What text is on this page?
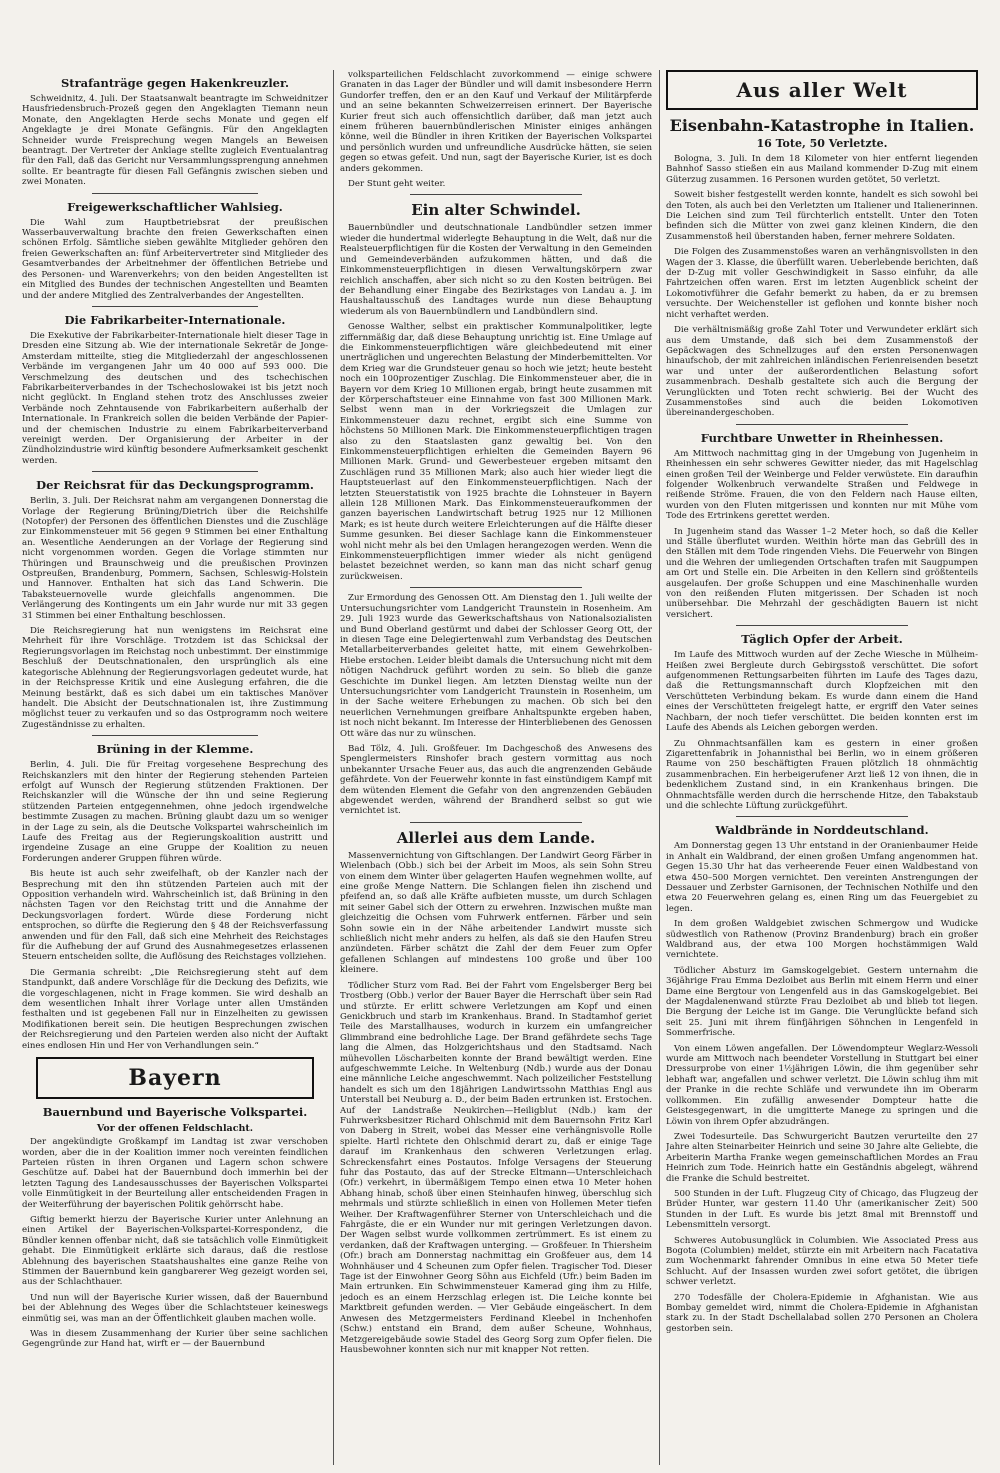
Strafanträge gegen Hakenkreuzler.

Schweidnitz, 4. Juli. Der Staatsanwalt beantragte im Schweidnitzer Hausfriedensbruch-Prozeß gegen den Angeklagten Tiemann neun Monate, den Angeklagten Herde sechs Monate und gegen elf Angeklagte je drei Monate Gefängnis. Für den Angeklagten Schneider wurde Freisprechung wegen Mangels an Beweisen beantragt. Der Vertreter der Anklage stellte zugleich Eventualantrag für den Fall, daß das Gericht nur Versammlungssprengung annehmen sollte. Er beantragte für diesen Fall Gefängnis zwischen sieben und zwei Monaten.

Freigewerkschaftlicher Wahlsieg.

Die Wahl zum Hauptbetriebsrat der preußischen Wasserbauverwaltung brachte den freien Gewerkschaften einen schönen Erfolg. Sämtliche sieben gewählte Mitglieder gehören den freien Gewerkschaften an: fünf Arbeitervertreter sind Mitglieder des Gesamtverbandes der Arbeitnehmer der öffentlichen Betriebe und des Personen- und Warenverkehrs; von den beiden Angestellten ist ein Mitglied des Bundes der technischen Angestellten und Beamten und der andere Mitglied des Zentralverbandes der Angestellten.

Die Fabrikarbeiter-Internationale.

Die Exekutive der Fabrikarbeiter-Internationale hielt dieser Tage in Dresden eine Sitzung ab. Wie der internationale Sekretär de Jonge-Amsterdam mitteilte, stieg die Mitgliederzahl der angeschlossenen Verbände im vergangenen Jahr um 40 000 auf 593 000. Die Verschmelzung des deutschen und des tschechischen Fabrikarbeiterverbandes in der Tschechoslowakei ist bis jetzt noch nicht geglückt. In England stehen trotz des Anschlusses zweier Verbände noch Zehntausende von Fabrikarbeitern außerhalb der Internationale. In Frankreich sollen die beiden Verbände der Papier- und der chemischen Industrie zu einem Fabrikarbeiterverband vereinigt werden. Der Organisierung der Arbeiter in der Zündholzindustrie wird künftig besondere Aufmerksamkeit geschenkt werden.

Der Reichsrat für das Deckungsprogramm.

Berlin, 3. Juli. Der Reichsrat nahm am vergangenen Donnerstag die Vorlage der Regierung Brüning/Dietrich über die Reichshilfe (Notopfer) der Personen des öffentlichen Dienstes und die Zuschläge zur Einkommensteuer mit 56 gegen 9 Stimmen bei einer Enthaltung an. Wesentliche Aenderungen an der Vorlage der Regierung sind nicht vorgenommen worden. Gegen die Vorlage stimmten nur Thüringen und Braunschweig und die preußischen Provinzen Ostpreußen, Brandenburg, Pommern, Sachsen, Schleswig-Holstein und Hannover. Enthalten hat sich das Land Schwerin. Die Tabaksteuernovelle wurde gleichfalls angenommen. Die Verlängerung des Kontingents um ein Jahr wurde nur mit 33 gegen 31 Stimmen bei einer Enthaltung beschlossen.

Die Reichsregierung hat nun wenigstens im Reichsrat eine Mehrheit für ihre Vorschläge. Trotzdem ist das Schicksal der Regierungsvorlagen im Reichstag noch unbestimmt. Der einstimmige Beschluß der Deutschnationalen, den ursprünglich als eine kategorische Ablehnung der Regierungsvorlagen gedeutet wurde, hat in der Reichspresse Kritik und eine Auslegung erfahren, die die Meinung bestärkt, daß es sich dabei um ein taktisches Manöver handelt. Die Absicht der Deutschnationalen ist, ihre Zustimmung möglichst teuer zu verkaufen und so das Ostprogramm noch weitere Zugeständnisse zu erhalten.

Brüning in der Klemme.

Berlin, 4. Juli. Die für Freitag vorgesehene Besprechung des Reichskanzlers mit den hinter der Regierung stehenden Parteien erfolgt auf Wunsch der Regierung stützenden Fraktionen. Der Reichskanzler will die Wünsche der ihn und seine Regierung stützenden Parteien entgegennehmen, ohne jedoch irgendwelche bestimmte Zusagen zu machen. Brüning glaubt dazu um so weniger in der Lage zu sein, als die Deutsche Volkspartei wahrscheinlich im Laufe des Freitag aus der Regierungskoalition austritt und irgendeine Zusage an eine Gruppe der Koalition zu neuen Forderungen anderer Gruppen führen würde.

Bis heute ist auch sehr zweifelhaft, ob der Kanzler nach der Besprechung mit den ihn stützenden Parteien auch mit der Opposition verhandeln wird. Wahrscheinlich ist, daß Brüning in den nächsten Tagen vor den Reichstag tritt und die Annahme der Deckungsvorlagen fordert. Würde diese Forderung nicht entsprochen, so dürfte die Regierung den § 48 der Reichsverfassung anwenden und für den Fall, daß sich eine Mehrheit des Reichstages für die Aufhebung der auf Grund des Ausnahmegesetzes erlassenen Steuern entscheiden sollte, die Auflösung des Reichstages vollziehen.

Die Germania schreibt: „Die Reichsregierung steht auf dem Standpunkt, daß andere Vorschläge für die Deckung des Defizits, wie die vorgeschlagenen, nicht in Frage kommen. Sie wird deshalb an dem wesentlichen Inhalt ihrer Vorlage unter allen Umständen festhalten und ist gegebenen Fall nur in Einzelheiten zu gewissen Modifikationen bereit sein. Die heutigen Besprechungen zwischen der Reichsregierung und den Parteien werden also nicht der Auftakt eines endlosen Hin und Her von Verhandlungen sein.“

Bayern
Bauernbund und Bayerische Volkspartei.
Vor der offenen Feldschlacht.

Der angekündigte Großkampf im Landtag ist zwar verschoben worden, aber die in der Koalition immer noch vereinten feindlichen Parteien rüsten in ihren Organen und Lagern schon schwere Geschütze auf. Dabei hat der Bauernbund doch immerhin bei der letzten Tagung des Landesausschusses der Bayerischen Volkspartei volle Einmütigkeit in der Beurteilung aller entscheidenden Fragen in der Weiterführung der bayerischen Politik gehörrscht habe.

Giftig bemerkt hierzu der Bayerische Kurier unter Anlehnung an einen Artikel der Bayerischen-Volkspartei-Korrespondenz, die Bündler kennen offenbar nicht, daß sie tatsächlich volle Einmütigkeit gehabt. Die Einmütigkeit erklärte sich daraus, daß die restlose Ablehnung des bayerischen Staatshaushaltes eine ganze Reihe von Stimmen der Bauernbund kein gangbarerer Weg gezeigt worden sei, aus der Schlachthauer.

Und nun will der Bayerische Kurier wissen, daß der Bauernbund bei der Ablehnung des Weges über die Schlachtsteuer keineswegs einmütig sei, was man an der Öffentlichkeit glauben machen wolle.

Was in diesem Zusammenhang der Kurier über seine sachlichen Gegengründe zur Hand hat, wirft er — der Bauernbund

volksparteilichen Feldschlacht zuvorkommend — einige schwere Granaten in das Lager der Bündler und will damit insbesondere Herrn Gundorfer treffen, den er an den Kauf und Verkauf der Militärpferde und an seine bekannten Schweizerreisen erinnert. Der Bayerische Kurier freut sich auch offensichtlich darüber, daß man jetzt auch einem früheren bauernbündlerischen Minister einiges anhängen könne, weil die Bündler in ihren Kritiken der Bayerischen Volkspartei und persönlich wurden und unfreundliche Ausdrücke hätten, sie seien gegen so etwas gefeit. Und nun, sagt der Bayerische Kurier, ist es doch anders gekommen.

Der Stunt geht weiter.

Ein alter Schwindel.

Bauernbündler und deutschnationale Landbündler setzen immer wieder die hundertmal widerlegte Behauptung in die Welt, daß nur die Realsteuerpflichtigen für die Kosten der Verwaltung in den Gemeinden und Gemeindeverbänden aufzukommen hätten, und daß die Einkommensteuerpflichtigen in diesen Verwaltungskörpern zwar reichlich anschaffen, aber sich nicht so zu den Kosten beitrügen. Bei der Behandlung einer Eingabe des Bezirkstages von Landau a. J. im Haushaltausschuß des Landtages wurde nun diese Behauptung wiederum als von Bauernbündlern und Landbündlern sind.

Genosse Walther, selbst ein praktischer Kommunalpolitiker, legte ziffernmäßig dar, daß diese Behauptung unrichtig ist. Eine Umlage auf die Einkommensteuerpflichtigen wäre gleichbedeutend mit einer unerträglichen und ungerechten Belastung der Minderbemittelten. Vor dem Krieg war die Grundsteuer genau so hoch wie jetzt; heute besteht noch ein 100prozentiger Zuschlag. Die Einkommensteuer aber, die in Bayern vor dem Krieg 10 Millionen ergab, bringt heute zusammen mit der Körperschaftsteuer eine Einnahme von fast 300 Millionen Mark. Selbst wenn man in der Vorkriegszeit die Umlagen zur Einkommensteuer dazu rechnet, ergibt sich eine Summe von höchstens 50 Millionen Mark. Die Einkommensteuerpflichtigen tragen also zu den Staatslasten ganz gewaltig bei. Von den Einkommensteuerpflichtigen erhielten die Gemeinden Bayern 96 Millionen Mark. Grund- und Gewerbesteuer ergeben mitsamt den Zuschlägen rund 35 Millionen Mark; also auch hier wieder liegt die Hauptsteuerlast auf den Einkommensteuerpflichtigen. Nach der letzten Steuerstatistik von 1925 brachte die Lohnsteuer in Bayern allein 128 Millionen Mark. Das Einkommensteueraufkommen der ganzen bayerischen Landwirtschaft betrug 1925 nur 12 Millionen Mark; es ist heute durch weitere Erleichterungen auf die Hälfte dieser Summe gesunken. Bei dieser Sachlage kann die Einkommensteuer wohl nicht mehr als bei den Umlagen herangezogen werden. Wenn die Einkommensteuerpflichtigen immer wieder als nicht genügend belastet bezeichnet werden, so kann man das nicht scharf genug zurückweisen.

Zur Ermordung des Genossen Ott. Am Dienstag den 1. Juli weilte der Untersuchungsrichter vom Landgericht Traunstein in Rosenheim. Am 29. Juli 1923 wurde das Gewerkschaftshaus von Nationalsozialisten und Bund Oberland gestürmt und dabei der Schlosser Georg Ott, der in diesen Tage eine Delegiertenwahl zum Verbandstag des Deutschen Metallarbeiterverbandes geleitet hatte, mit einem Gewehrkolben-Hiebe erstochen. Leider bleibt damals die Untersuchung nicht mit dem nötigen Nachdruck geführt worden zu sein. So blieb die ganze Geschichte im Dunkel liegen. Am letzten Dienstag weilte nun der Untersuchungsrichter vom Landgericht Traunstein in Rosenheim, um in der Sache weitere Erhebungen zu machen. Ob sich bei den neuerlichen Vernehmungen greifbare Anhaltspunkte ergeben haben, ist noch nicht bekannt. Im Interesse der Hinterbliebenen des Genossen Ott wäre das nur zu wünschen.

Bad Tölz, 4. Juli. Großfeuer. Im Dachgeschoß des Anwesens des Spenglermeisters Rinshofer brach gestern vormittag aus noch unbekannter Ursache Feuer aus, das auch die angrenzenden Gebäude gefährdete. Von der Feuerwehr konnte in fast einstündigem Kampf mit dem wütenden Element die Gefahr von den angrenzenden Gebäuden abgewendet werden, während der Brandherd selbst so gut wie vernichtet ist.

Allerlei aus dem Lande.

Massenvernichtung von Giftschlangen. Der Landwirt Georg Färber in Wielenbach (Obb.) sich bei der Arbeit im Moos, als sein Sohn Streu von einem dem Winter über gelagerten Haufen wegnehmen wollte, auf eine große Menge Nattern. Die Schlangen fielen ihn zischend und pfeifend an, so daß alle Kräfte aufbieten musste, um durch Schlagen mit seiner Gabel sich der Ottern zu erwehren. Inzwischen mußte man gleichzeitig die Ochsen vom Fuhrwerk entfernen. Färber und sein Sohn sowie ein in der Nähe arbeitender Landwirt musste sich schließlich nicht mehr anders zu helfen, als daß sie den Haufen Streu anzündeten. Färber schätzt die Zahl der dem Feuer zum Opfer gefallenen Schlangen auf mindestens 100 große und über 100 kleinere.

Tödlicher Sturz vom Rad. Bei der Fahrt vom Engelsberger Berg bei Trostberg (Obb.) verlor der Bauer Bayer die Herrschaft über sein Rad und stürzte. Er erlitt schwere Verletzungen am Kopf und einen Genickbruch und starb im Krankenhaus. Brand. In Stadtamhof geriet Teile des Marstallhauses, wodurch in kurzem ein umfangreicher Glimmbrand eine bedrohliche Lage. Der Brand gefährdete sechs Tage lang die Almen, das Holzgerichtshaus und den Stadtsamd. Nach mühevollen Löscharbeiten konnte der Brand bewältigt werden. Eine aufgeschwemmte Leiche. In Weltenburg (Ndb.) wurde aus der Donau eine männliche Leiche angeschwemmt. Nach polizeilicher Feststellung handelt es sich um den 18jährigen Landwirtssohn Matthias Engl aus Unterstall bei Neuburg a. D., der beim Baden ertrunken ist. Erstochen. Auf der Landstraße Neukirchen—Heiligblut (Ndb.) kam der Fuhrwerksbesitzer Richard Ohlschmid mit dem Bauernsohn Fritz Karl von Daberg in Streit, wobei das Messer eine verhängnisvolle Rolle spielte. Hartl richtete den Ohlschmid derart zu, daß er einige Tage darauf im Krankenhaus den schweren Verletzungen erlag. Schreckensfahrt eines Postautos. Infolge Versagens der Steuerung fuhr das Postauto, das auf der Strecke Eltmann—Unterschleichach (Ofr.) verkehrt, in übermäßigem Tempo einen etwa 10 Meter hohen Abhang hinab, schoß über einen Steinhaufen hinweg, überschlug sich mehrmals und stürzte schließlich in einen von Hollemen Meter tiefen Weiher. Der Kraftwagenführer Sterner von Unterschleichach und die Fahrgäste, die er ein Wunder nur mit geringen Verletzungen davon. Der Wagen selbst wurde vollkommen zertrümmert. Es ist einem zu verdanken, daß der Kraftwagen unterging. — Großfeuer. In Thiersheim (Ofr.) brach am Donnerstag nachmittag ein Großfeuer aus, dem 14 Wohnhäuser und 4 Scheunen zum Opfer fielen. Tragischer Tod. Dieser Tage ist der Einwohner Georg Söhn aus Eichfeld (Ufr.) beim Baden im Main ertrunken. Ein Schwimmensteuer Kamerad ging ihm zu Hilfe, jedoch es an einem Herzschlag erlegen ist. Die Leiche konnte bei Marktbreit gefunden werden. — Vier Gebäude eingeäschert. In dem Anwesen des Metzgermeisters Ferdinand Kleebel in Inchenhofen (Schw.) entstand ein Brand, dem außer Scheune, Wohnhaus, Metzgereigebäude sowie Stadel des Georg Sorg zum Opfer fielen. Die Hausbewohner konnten sich nur mit knapper Not retten.

Aus aller Welt
Eisenbahn-Katastrophe in Italien.
16 Tote, 50 Verletzte.

Bologna, 3. Juli. In dem 18 Kilometer von hier entfernt liegenden Bahnhof Sasso stießen ein aus Mailand kommender D-Zug mit einem Güterzug zusammen. 16 Personen wurden getötet, 50 verletzt.

Soweit bisher festgestellt werden konnte, handelt es sich sowohl bei den Toten, als auch bei den Verletzten um Italiener und Italienerinnen. Die Leichen sind zum Teil fürchterlich entstellt. Unter den Toten befinden sich die Mütter von zwei ganz kleinen Kindern, die den Zusammenstoß heil überstanden haben, ferner mehrere Soldaten.

Die Folgen des Zusammenstoßes waren an verhängnisvollsten in den Wagen der 3. Klasse, die überfüllt waren. Ueberlebende berichten, daß der D-Zug mit voller Geschwindigkeit in Sasso einfuhr, da alle Fahrtzeichen offen waren. Erst im letzten Augenblick scheint der Lokomotivführer die Gefahr bemerkt zu haben, da er zu bremsen versuchte. Der Weichensteller ist geflohen und konnte bisher noch nicht verhaftet werden.

Die verhältnismäßig große Zahl Toter und Verwundeter erklärt sich aus dem Umstande, daß sich bei dem Zusammenstoß der Gepäckwagen des Schnellzuges auf den ersten Personenwagen hinaufschob, der mit zahlreichen inländischen Ferienreisenden besetzt war und unter der außerordentlichen Belastung sofort zusammenbrach. Deshalb gestaltete sich auch die Bergung der Verunglückten und Toten recht schwierig. Bei der Wucht des Zusammenstoßes sind auch die beiden Lokomotiven übereinandergeschoben.

Furchtbare Unwetter in Rheinhessen.

Am Mittwoch nachmittag ging in der Umgebung von Jugenheim in Rheinhessen ein sehr schweres Gewitter nieder, das mit Hagelschlag einen großen Teil der Weinberge und Felder verwüstete. Ein daraufhin folgender Wolkenbruch verwandelte Straßen und Feldwege in reißende Ströme. Frauen, die von den Feldern nach Hause eilten, wurden von den Fluten mitgerissen und konnten nur mit Mühe vom Tode des Ertrinkens gerettet werden.

In Jugenheim stand das Wasser 1–2 Meter hoch, so daß die Keller und Ställe überflutet wurden. Weithin hörte man das Gebrüll des in den Ställen mit dem Tode ringenden Viehs. Die Feuerwehr von Bingen und die Wehren der umliegenden Ortschaften trafen mit Saugpumpen am Ort und Stelle ein. Die Arbeiten in den Kellern sind größtenteils ausgelaufen. Der große Schuppen und eine Maschinenhalle wurden von den reißenden Fluten mitgerissen. Der Schaden ist noch unübersehbar. Die Mehrzahl der geschädigten Bauern ist nicht versichert.

Täglich Opfer der Arbeit.

Im Laufe des Mittwoch wurden auf der Zeche Wiesche in Mülheim-Heißen zwei Bergleute durch Gebirgsstoß verschüttet. Die sofort aufgenommenen Rettungsarbeiten führten im Laufe des Tages dazu, daß die Rettungsmannschaft durch Klopfzeichen mit den Verschütteten Verbindung bekam. Es wurde dann einem die Hand eines der Verschütteten freigelegt hatte, er ergriff den Vater seines Nachbarn, der noch tiefer verschüttet. Die beiden konnten erst im Laufe des Abends als Leichen geborgen werden.

Zu Ohnmachtsanfällen kam es gestern in einer großen Zigarettenfabrik in Johannisthal bei Berlin, wo in einem größeren Raume von 250 beschäftigten Frauen plötzlich 18 ohnmächtig zusammenbrachen. Ein herbeigerufener Arzt ließ 12 von ihnen, die in bedenklichem Zustand sind, in ein Krankenhaus bringen. Die Ohnmachtsfälle werden durch die herrschende Hitze, den Tabakstaub und die schlechte Lüftung zurückgeführt.

Waldbrände in Norddeutschland.

Am Donnerstag gegen 13 Uhr entstand in der Oranienbaumer Heide in Anhalt ein Waldbrand, der einen großen Umfang angenommen hat. Gegen 15.30 Uhr hat das verheerende Feuer einen Waldbestand von etwa 450–500 Morgen vernichtet. Den vereinten Anstrengungen der Dessauer und Zerbster Garnisonen, der Technischen Nothilfe und den etwa 20 Feuerwehren gelang es, einen Ring um das Feuergebiet zu legen.

In dem großen Waldgebiet zwischen Schmergow und Wudicke südwestlich von Rathenow (Provinz Brandenburg) brach ein großer Waldbrand aus, der etwa 100 Morgen hochstämmigen Wald vernichtete.

Tödlicher Absturz im Gamskogelgebiet. Gestern unternahm die 36jährige Frau Emma Dezloibet aus Berlin mit einem Herrn und einer Dame eine Bergtour von Lengenfeld aus in das Gamskogelgebiet. Bei der Magdalenenwand stürzte Frau Dezloibet ab und blieb tot liegen. Die Bergung der Leiche ist im Gange. Die Verunglückte befand sich seit 25. Juni mit ihrem fünfjährigen Söhnchen in Lengenfeld in Sommerfrische.

Von einem Löwen angefallen. Der Löwendompteur Weglarz-Wessoli wurde am Mittwoch nach beendeter Vorstellung in Stuttgart bei einer Dressurprobe von einer 1½jährigen Löwin, die ihm gegenüber sehr lebhaft war, angefallen und schwer verletzt. Die Löwin schlug ihm mit der Pranke in die rechte Schläfe und verwundete ihn im Oberarm vollkommen. Ein zufällig anwesender Dompteur hatte die Geistesgegenwart, in die umgitterte Manege zu springen und die Löwin von ihrem Opfer abzudrängen.

Zwei Todesurteile. Das Schwurgericht Bautzen verurteilte den 27 Jahre alten Steinarbeiter Heinrich und seine 30 Jahre alte Geliebte, die Arbeiterin Martha Franke wegen gemeinschaftlichen Mordes an Frau Heinrich zum Tode. Heinrich hatte ein Geständnis abgelegt, während die Franke die Schuld bestreitet.

500 Stunden in der Luft. Flugzeug City of Chicago, das Flugzeug der Brüder Hunter, war gestern 11.40 Uhr (amerikanischer Zeit) 500 Stunden in der Luft. Es wurde bis jetzt 8mal mit Brennstoff und Lebensmitteln versorgt.

Schweres Autobusunglück in Columbien. Wie Associated Press aus Bogota (Columbien) meldet, stürzte ein mit Arbeitern nach Facatativa zum Wochenmarkt fahrender Omnibus in eine etwa 50 Meter tiefe Schlucht. Auf der Insassen wurden zwei sofort getötet, die übrigen schwer verletzt.

270 Todesfälle der Cholera-Epidemie in Afghanistan. Wie aus Bombay gemeldet wird, nimmt die Cholera-Epidemie in Afghanistan stark zu. In der Stadt Dschellalabad sollen 270 Personen an Cholera gestorben sein.
